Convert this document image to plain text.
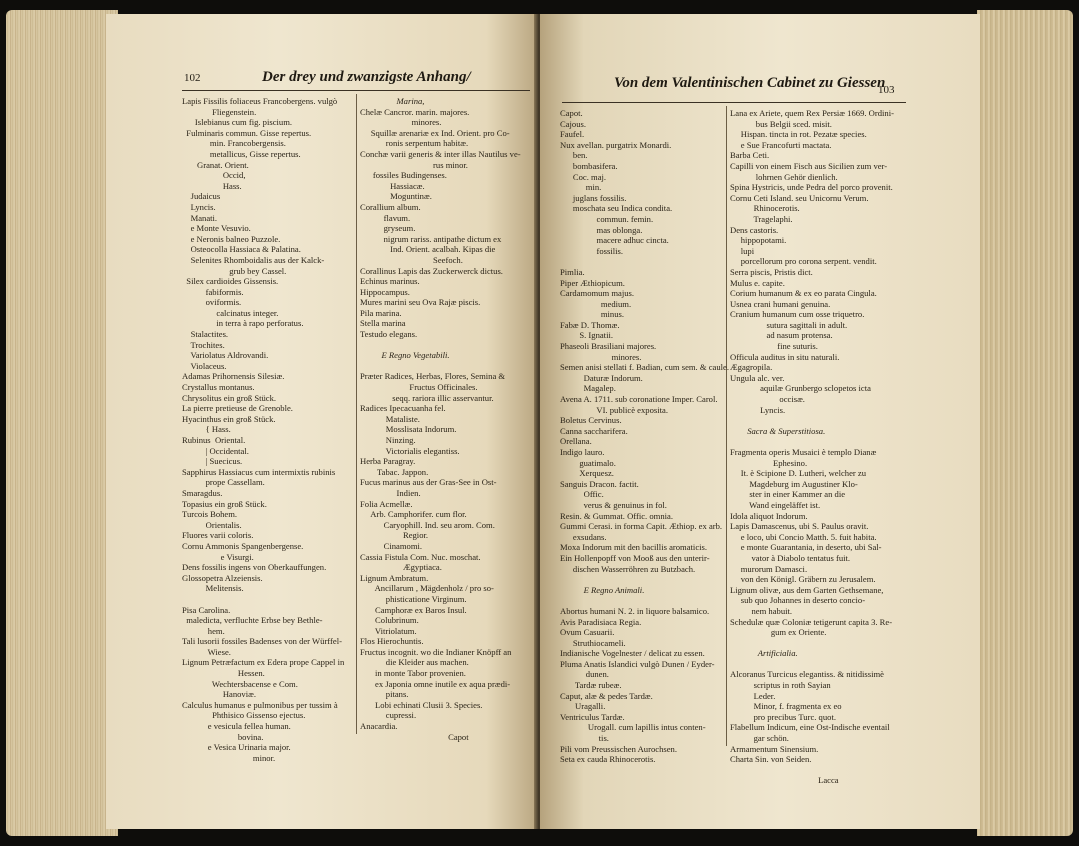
102	Der drey und zwanzigste Anhang/
Lapis Fissilis foliaceus Francobergens. vulgò
Fliegenstein.
Islebianus cum fig. piscium.
Fulminaris commun. Gisse repertus.
min. Francobergensis.
metallicus, Gisse repertus.
Granat. Orient.
Occid,
Hass.
Judaicus
Lyncis.
Manati.
e Monte Vesuvio.
e Neronis balneo Puzzole.
Osteocolla Hassiaca & Palatina.
Selenites Rhomboidalis aus der Kalck-
grub bey Cassel.
Silex cardioides Gissensis.
fabiformis.
oviformis.
calcinatus integer.
in terra à rapo perforatus.
Stalactites.
Trochites.
Variolatus Aldrovandi.
Violaceus.
Adamas Prihornensis Silesiæ.
Crystallus montanus.
Chrysolitus ein groß Stück.
La pierre pretieuse de Grenoble.
Hyacinthus ein groß Stück.
{ Hass.
Rubinus  Oriental.
| Occidental.
| Suecicus.
Sapphirus Hassiacus cum intermixtis rubinis
prope Cassellam.
Smaragdus.
Topasius ein groß Stück.
Turcois Bohem.
Orientalis.
Fluores varii coloris.
Cornu Ammonis Spangenbergense.
e Visurgi.
Dens fossilis ingens von Oberkauffungen.
Glossopetra Alzeiensis.
Melitensis.
Pisa Carolina.
maledicta, verfluchte Erbse bey Bethle-
hem.
Tali lusorii fossiles Badenses von der Würffel-
Wiese.
Lignum Petræfactum ex Edera prope Cappel in
Hessen.
Wechtersbacense e Com.
Hanoviæ.
Calculus humanus e pulmonibus per tussim à
Phthisico Gissenso ejectus.
e vesicula fellea human.
bovina.
e Vesica Urinaria major.
minor.
Marina,
Chelæ Cancror. marin. majores.
minores.
Squillæ arenariæ ex Ind. Orient. pro Co-
ronis serpentum habitæ.
Conchæ varii generis & inter illas Nautilus ve-
rus minor.
fossiles Budingenses.
Hassiacæ.
Moguntinæ.
Corallium album.
flavum.
gryseum.
nigrum rariss. antipathe dictum ex
Ind. Orient. acalbah. Kipas die
Seefoch.
Corallinus Lapis das Zuckerwerck dictus.
Echinus marinus.
Hippocampus.
Mures marini seu Ova Rajæ piscis.
Pila marina.
Stella marina
Testudo elegans.
E Regno Vegetabili.
Præter Radices, Herbas, Flores, Semina &
Fructus Officinales.
seqq. rariora illic asservantur.
Radices Ipecacuanha fel.
Mataliste.
Mosslisata Indorum.
Ninzing.
Victorialis elegantiss.
Herba Paragray.
Tabac. Jappon.
Fucus marinus aus der Gras-See in Ost-
Indien.
Folia Acmellæ.
Arb. Camphorifer. cum flor.
Caryophill. Ind. seu arom. Com.
Regior.
Cinamomi.
Cassia Fistula Com. Nuc. moschat.
Ægyptiaca.
Lignum Ambratum.
Ancillarum , Mägdenholz / pro so-
phisticatione Virginum.
Camphoræ ex Baros Insul.
Colubrinum.
Vitriolatum.
Flos Hierochuntis.
Fructus incognit. wo die Indianer Knöpff an
die Kleider aus machen.
in monte Tabor provenien.
ex Japonia omne inutile ex aqua prædi-
pitans.
Lobi echinati Clusii 3. Species.
cupressi.
Anacardia.
Capot
Von dem Valentinischen Cabinet zu Giessen
103
Capot.
Cajous.
Faufel.
Nux avellan. purgatrix Monardi.
ben.
bombasifera.
Coc. maj.
min.
juglans fossilis.
moschata seu Indica condita.
commun. femin.
mas oblonga.
macere adhuc cincta.
fossilis.
Pimlia.
Piper Æthiopicum.
Cardamomum majus.
medium.
minus.
Fabæ D. Thomæ.
S. Ignatii.
Phaseoli Brasiliani majores.
minores.
Semen anisi stellati f. Badian, cum sem. & caule.
Daturæ Indorum.
Magalep.
Avena A. 1711. sub coronatione Imper. Carol.
VI. publicè exposita.
Boletus Cervinus.
Canna saccharifera.
Orellana.
Indigo lauro.
guatimalo.
Xerquesz.
Sanguis Dracon. factit.
Offic.
verus & genuinus in fol.
Resin. & Gummat. Offic. omnia.
Gummi Cerasi. in forma Capit. Æthiop. ex arb.
exsudans.
Moxa Indorum mit den bacillis aromaticis.
Ein Hollenpopff von Mooß aus den unterir-
dischen Wasserröhren zu Butzbach.
E Regno Animali.
Abortus humani N. 2. in liquore balsamico.
Avis Paradisiaca Regia.
Ovum Casuarii.
Struthiocameli.
Indianische Vogelnester / delicat zu essen.
Pluma Anatis Islandici vulgò Dunen / Eyder-
dunen.
Tardæ rubeæ.
Caput, alæ & pedes Tardæ.
Uragalli.
Ventriculus Tardæ.
Urogall. cum lapillis intus conten-
tis.
Pili vom Preussischen Aurochsen.
Seta ex cauda Rhinocerotis.
Lana ex Ariete, quem Rex Persiæ 1669. Ordini-
bus Belgii sced. misit.
Hispan. tincta in rot. Pezatæ species.
e Sue Francofurti mactata.
Barba Ceti.
Capilli von einem Fisch aus Sicilien zum ver-
lohrnen Gehör dienlich.
Spina Hystricis, unde Pedra del porco provenit.
Cornu Ceti Island. seu Unicornu Verum.
Rhinocerotis.
Tragelaphi.
Dens castoris.
hippopotami.
lupi
porcellorum pro corona serpent. vendit.
Serra piscis, Pristis dict.
Mulus e. capite.
Corium humanum & ex eo parata Cingula.
Usnea crani humani genuina.
Cranium humanum cum osse triquetro.
sutura sagittali in adult.
ad nasum protensa.
fine suturis.
Officula auditus in situ naturali.
Ægagropila.
Ungula alc. ver.
aquilæ Grunbergo sclopetos icta
occisæ.
Lyncis.
Sacra & Superstitiosa.
Fragmenta operis Musaici è templo Dianæ
Ephesino.
It. è Scipione D. Lutheri, welcher zu
Magdeburg im Augustiner Klo-
ster in einer Kammer an die
Wand eingeläffet ist.
Idola aliquot Indorum.
Lapis Damascenus, ubi S. Paulus oravit.
e loco, ubi Concio Matth. 5. fuit habita.
e monte Guarantania, in deserto, ubi Sal-
vator à Diabolo tentatus fuit.
murorum Damasci.
von den Königl. Gräbern zu Jerusalem.
Lignum olivæ, aus dem Garten Gethsemane,
sub quo Johannes in deserto concio-
nem habuit.
Schedulæ quæ Coloniæ tetigerunt capita 3. Re-
gum ex Oriente.
Artificialia.
Alcoranus Turcicus elegantiss. & nitidissimè
scriptus in roth Sayian
Leder.
Minor, f. fragmenta ex eo
pro precibus Turc. quot.
Flabellum Indicum, eine Ost-Indische eventail
gar schön.
Armamentum Sinensium.
Charta Sin. von Seiden.
Lacca
